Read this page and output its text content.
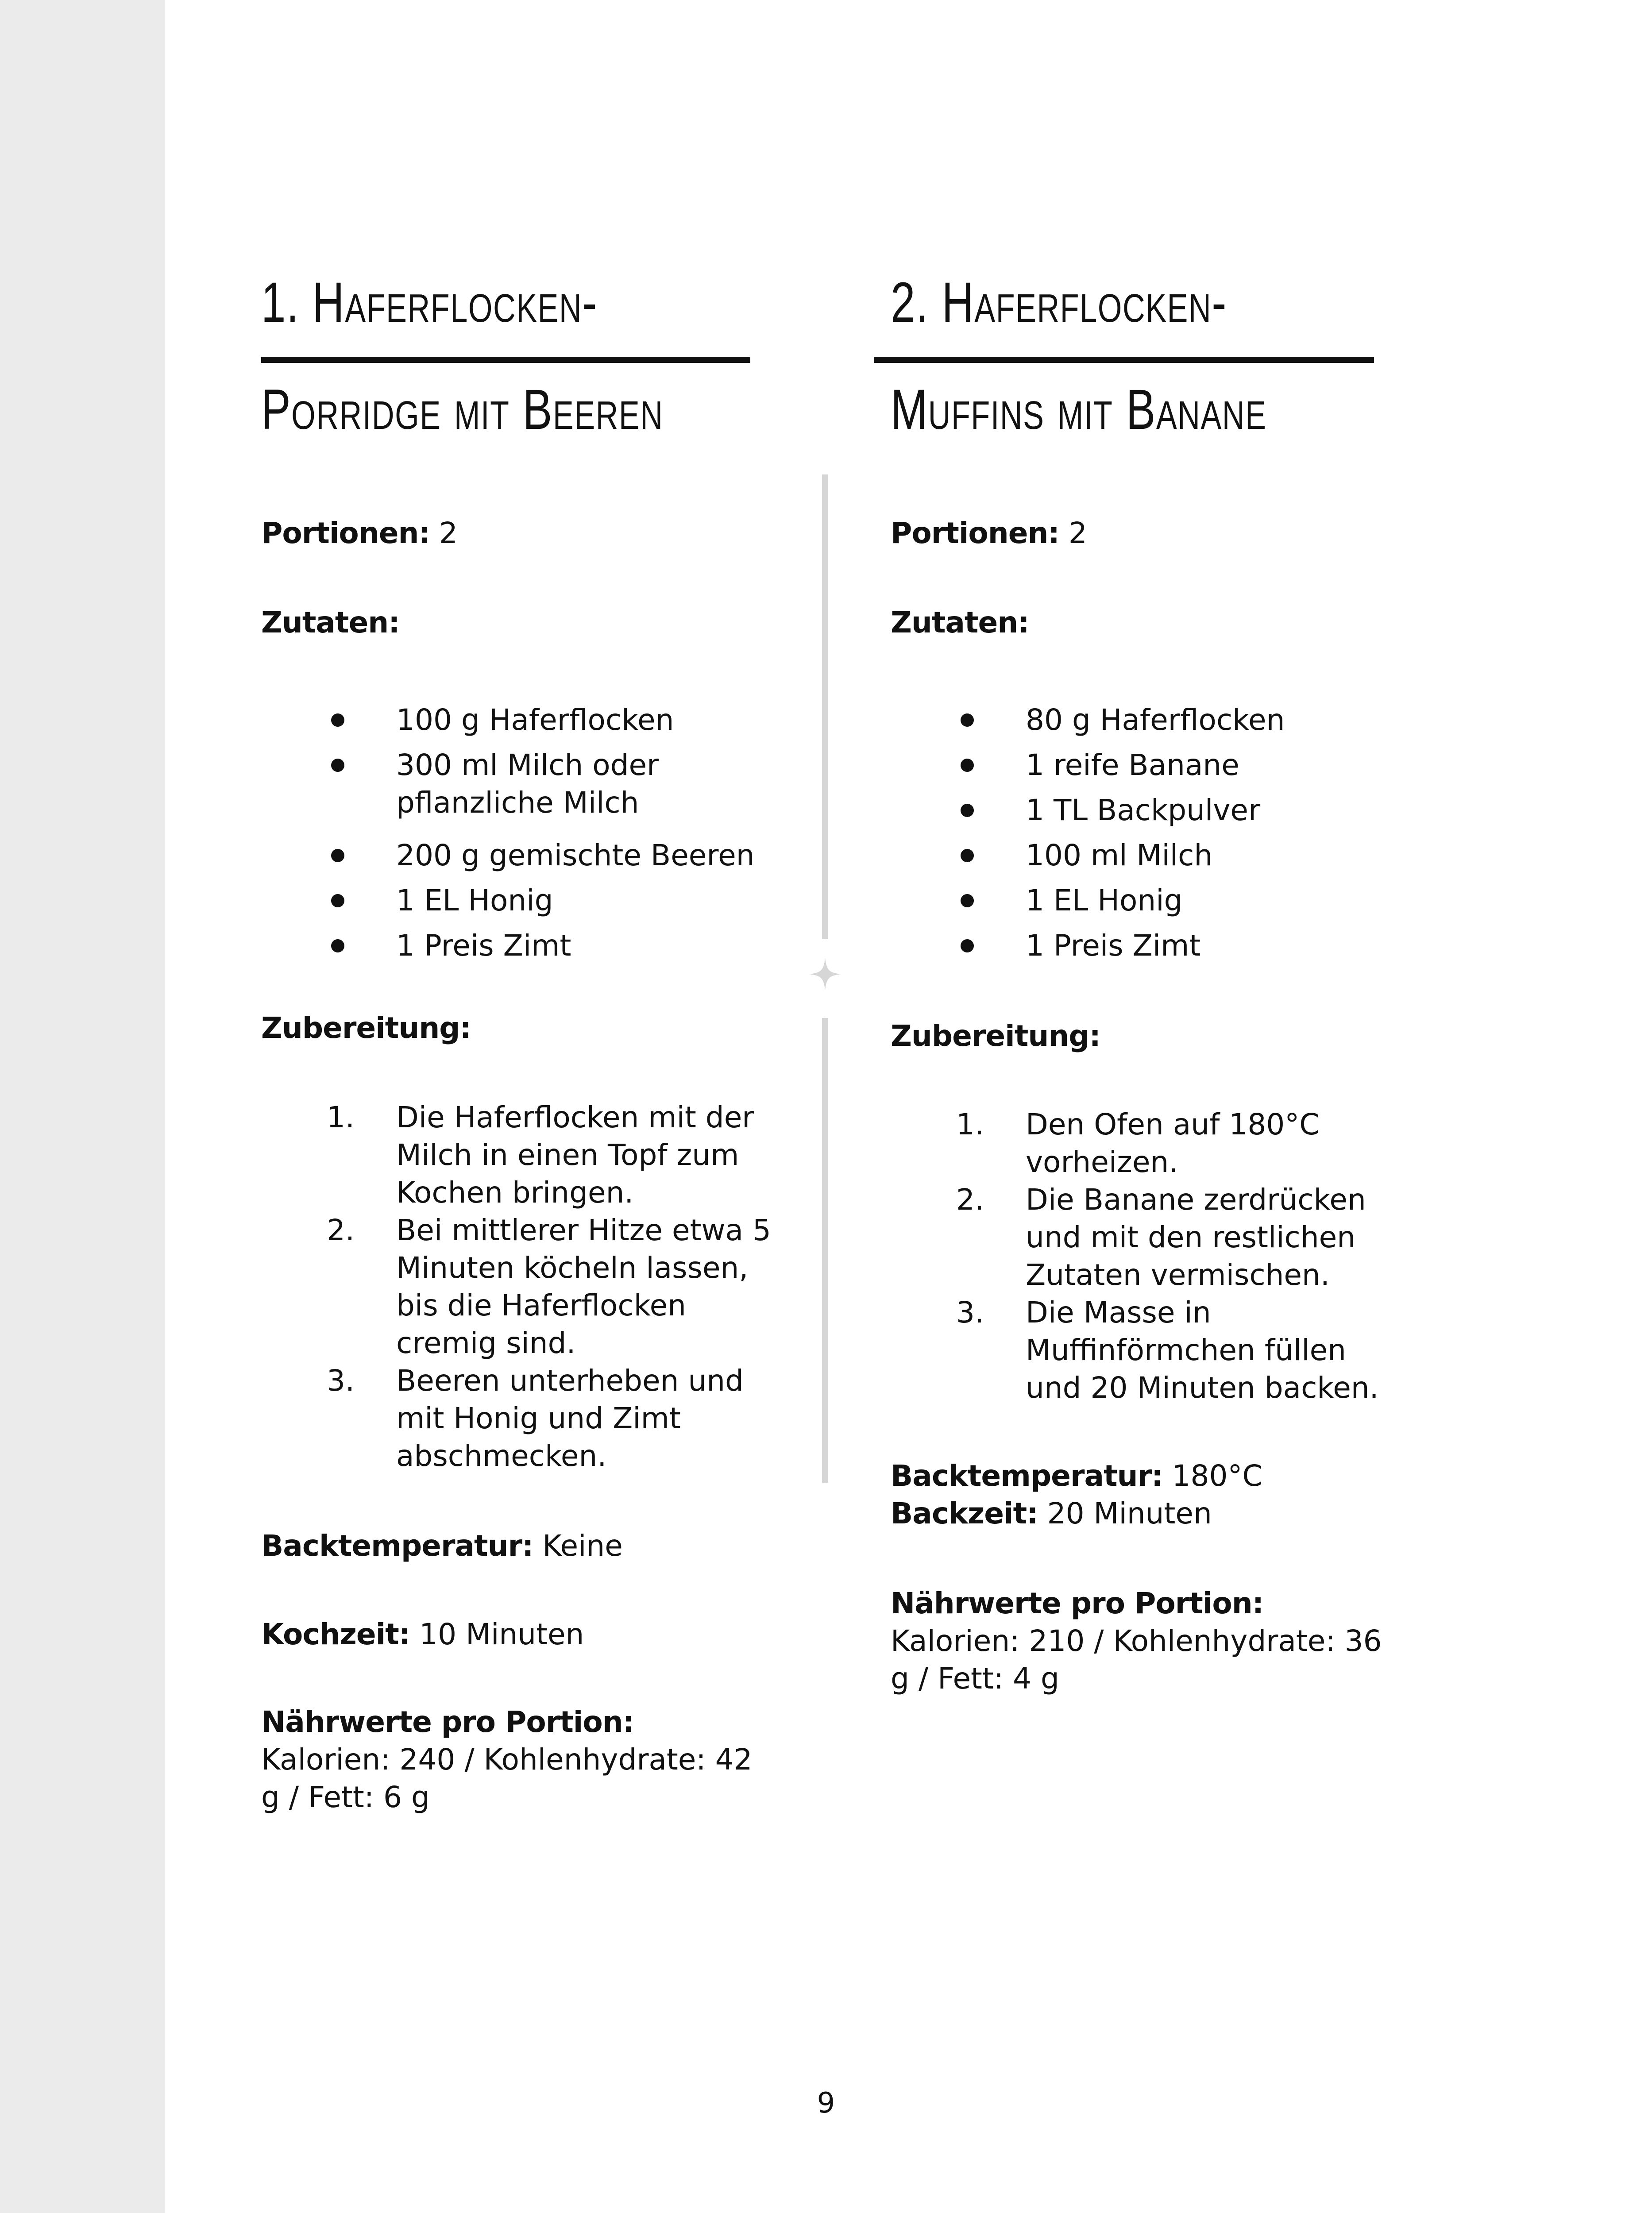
1. Haferflocken-
Porridge mit Beeren
Portionen: 2
Zutaten:
100 g Haferflocken
300 ml Milch oder
pflanzliche Milch
200 g gemischte Beeren
1 EL Honig
1 Preis Zimt
Zubereitung:
1. Die Haferflocken mit der
Milch in einen Topf zum
Kochen bringen.
2. Bei mittlerer Hitze etwa 5
Minuten köcheln lassen,
bis die Haferflocken
cremig sind.
3. Beeren unterheben und
mit Honig und Zimt
abschmecken.
Backtemperatur: Keine
Kochzeit: 10 Minuten
Nährwerte pro Portion:
Kalorien: 240 / Kohlenhydrate: 42
g / Fett: 6 g
2. Haferflocken-
Muffins mit Banane
Portionen: 2
Zutaten:
80 g Haferflocken
1 reife Banane
1 TL Backpulver
100 ml Milch
1 EL Honig
1 Preis Zimt
Zubereitung:
1. Den Ofen auf 180°C
vorheizen.
2. Die Banane zerdrücken
und mit den restlichen
Zutaten vermischen.
3. Die Masse in
Muffinförmchen füllen
und 20 Minuten backen.
Backtemperatur: 180°C
Backzeit: 20 Minuten
Nährwerte pro Portion:
Kalorien: 210 / Kohlenhydrate: 36
g / Fett: 4 g
9
